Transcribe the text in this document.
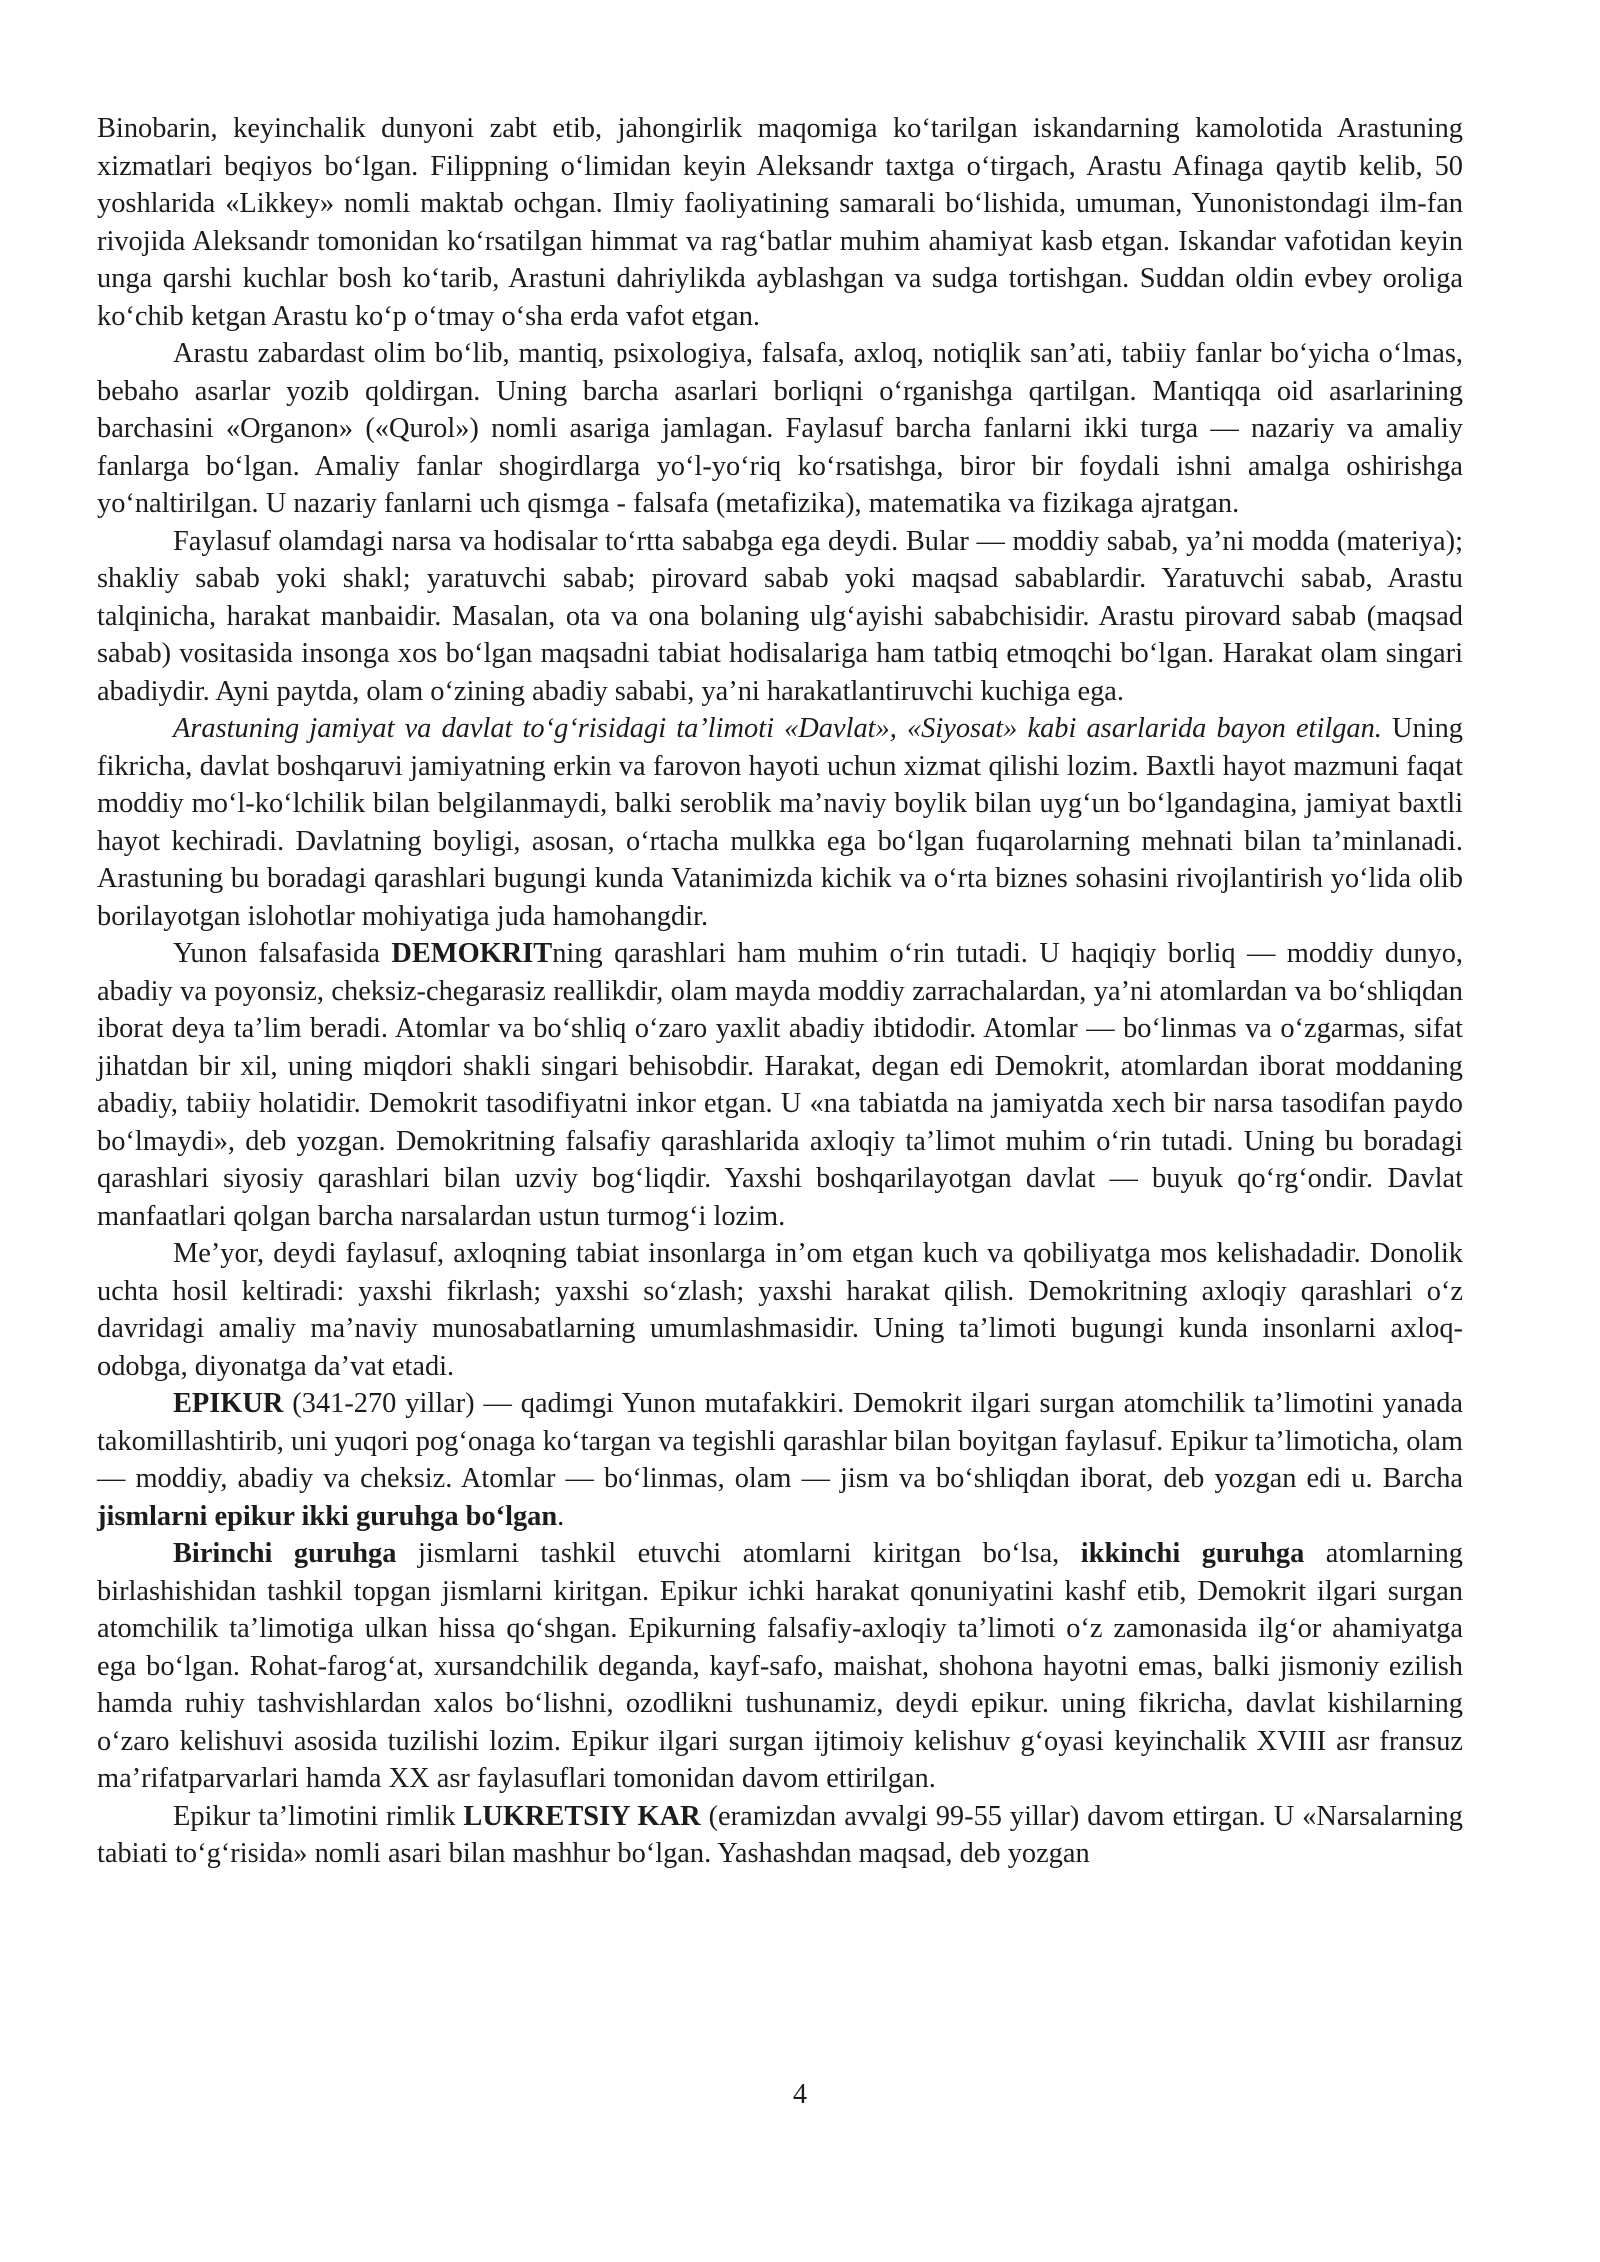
Binobarin, keyinchalik dunyoni zabt etib, jahongirlik maqomiga koʻtarilgan iskandarning kamolotida Arastuning xizmatlari beqiyos boʻlgan. Filippning oʻlimidan keyin Aleksandr taxtga oʻtirgach, Arastu Afinaga qaytib kelib, 50 yoshlarida «Likkey» nomli maktab ochgan. Ilmiy faoliyatining samarali boʻlishida, umuman, Yunonistondagi ilm-fan rivojida Aleksandr tomonidan koʻrsatilgan himmat va ragʻbatlar muhim ahamiyat kasb etgan. Iskandar vafotidan keyin unga qarshi kuchlar bosh koʻtarib, Arastuni dahriylikda ayblashgan va sudga tortishgan. Suddan oldin evbey oroliga koʻchib ketgan Arastu koʻp oʻtmay oʻsha erda vafot etgan.

Arastu zabardast olim boʻlib, mantiq, psixologiya, falsafa, axloq, notiqlik san’ati, tabiiy fanlar boʻyicha oʻlmas, bebaho asarlar yozib qoldirgan. Uning barcha asarlari borliqni oʻrganishga qartilgan. Mantiqqa oid asarlarining barchasini «Organon» («Qurol») nomli asariga jamlagan. Faylasuf barcha fanlarni ikki turga — nazariy va amaliy fanlarga boʻlgan. Amaliy fanlar shogirdlarga yoʻl-yoʻriq koʻrsatishga, biror bir foydali ishni amalga oshirishga yoʻnaltirilgan. U nazariy fanlarni uch qismga - falsafa (metafizika), matematika va fizikaga ajratgan.

Faylasuf olamdagi narsa va hodisalar toʻrtta sababga ega deydi. Bular — moddiy sabab, ya’ni modda (materiya); shakliy sabab yoki shakl; yaratuvchi sabab; pirovard sabab yoki maqsad sabablardir. Yaratuvchi sabab, Arastu talqinicha, harakat manbaidir. Masalan, ota va ona bolaning ulgʻayishi sababchisidir. Arastu pirovard sabab (maqsad sabab) vositasida insonga xos boʻlgan maqsadni tabiat hodisalariga ham tatbiq etmoqchi boʻlgan. Harakat olam singari abadiydir. Ayni paytda, olam oʻzining abadiy sababi, ya’ni harakatlantiruvchi kuchiga ega.

Arastuning jamiyat va davlat toʻgʻrisidagi ta’limoti «Davlat», «Siyosat» kabi asarlarida bayon etilgan. Uning fikricha, davlat boshqaruvi jamiyatning erkin va farovon hayoti uchun xizmat qilishi lozim. Baxtli hayot mazmuni faqat moddiy moʻl-koʻlchilik bilan belgilanmaydi, balki seroblik ma’naviy boylik bilan uygʻun boʻlgandagina, jamiyat baxtli hayot kechiradi. Davlatning boyligi, asosan, oʻrtacha mulkka ega boʻlgan fuqarolarning mehnati bilan ta’minlanadi. Arastuning bu boradagi qarashlari bugungi kunda Vatanimizda kichik va oʻrta biznes sohasini rivojlantirish yoʻlida olib borilayotgan islohotlar mohiyatiga juda hamohangdir.

Yunon falsafasida DEMOKRITning qarashlari ham muhim oʻrin tutadi. U haqiqiy borliq — moddiy dunyo, abadiy va poyonsiz, cheksiz-chegarasiz reallikdir, olam mayda moddiy zarrachalardan, ya’ni atomlardan va boʻshliqdan iborat deya ta’lim beradi. Atomlar va boʻshliq oʻzaro yaxlit abadiy ibtidodir. Atomlar — boʻlinmas va oʻzgarmas, sifat jihatdan bir xil, uning miqdori shakli singari behisobdir. Harakat, degan edi Demokrit, atomlardan iborat moddaning abadiy, tabiiy holatidir. Demokrit tasodifiyatni inkor etgan. U «na tabiatda na jamiyatda xech bir narsa tasodifan paydo boʻlmaydi», deb yozgan. Demokritning falsafiy qarashlarida axloqiy ta’limot muhim oʻrin tutadi. Uning bu boradagi qarashlari siyosiy qarashlari bilan uzviy bogʻliqdir. Yaxshi boshqarilayotgan davlat — buyuk qoʻrgʻondir. Davlat manfaatlari qolgan barcha narsalardan ustun turmogʻi lozim.

Me’yor, deydi faylasuf, axloqning tabiat insonlarga in’om etgan kuch va qobiliyatga mos kelishadadir. Donolik uchta hosil keltiradi: yaxshi fikrlash; yaxshi soʻzlash; yaxshi harakat qilish. Demokritning axloqiy qarashlari oʻz davridagi amaliy ma’naviy munosabatlarning umumlashmasidir. Uning ta’limoti bugungi kunda insonlarni axloq-odobga, diyonatga da’vat etadi.

EPIKUR (341-270 yillar) — qadimgi Yunon mutafakkiri. Demokrit ilgari surgan atomchilik ta’limotini yanada takomillashtirib, uni yuqori pogʻonaga koʻtargan va tegishli qarashlar bilan boyitgan faylasuf. Epikur ta’limoticha, olam — moddiy, abadiy va cheksiz. Atomlar — boʻlinmas, olam — jism va boʻshliqdan iborat, deb yozgan edi u. Barcha jismlarni epikur ikki guruhga boʻlgan.

Birinchi guruhga jismlarni tashkil etuvchi atomlarni kiritgan boʻlsa, ikkinchi guruhga atomlarning birlashishidan tashkil topgan jismlarni kiritgan. Epikur ichki harakat qonuniyatini kashf etib, Demokrit ilgari surgan atomchilik ta’limotiga ulkan hissa qoʻshgan. Epikurning falsafiy-axloqiy ta’limoti oʻz zamonasida ilgʻor ahamiyatga ega boʻlgan. Rohat-farogʻat, xursandchilik deganda, kayf-safo, maishat, shohona hayotni emas, balki jismoniy ezilish hamda ruhiy tashvishlardan xalos boʻlishni, ozodlikni tushunamiz, deydi epikur. uning fikricha, davlat kishilarning oʻzaro kelishuvi asosida tuzilishi lozim. Epikur ilgari surgan ijtimoiy kelishuv gʻoyasi keyinchalik XVIII asr fransuz ma’rifatparvarlari hamda XX asr faylasuflari tomonidan davom ettirilgan.

Epikur ta’limotini rimlik LUKRETSIY KAR (eramizdan avvalgi 99-55 yillar) davom ettirgan. U «Narsalarning tabiati toʻgʻrisida» nomli asari bilan mashhur boʻlgan. Yashashdan maqsad, deb yozgan

4
